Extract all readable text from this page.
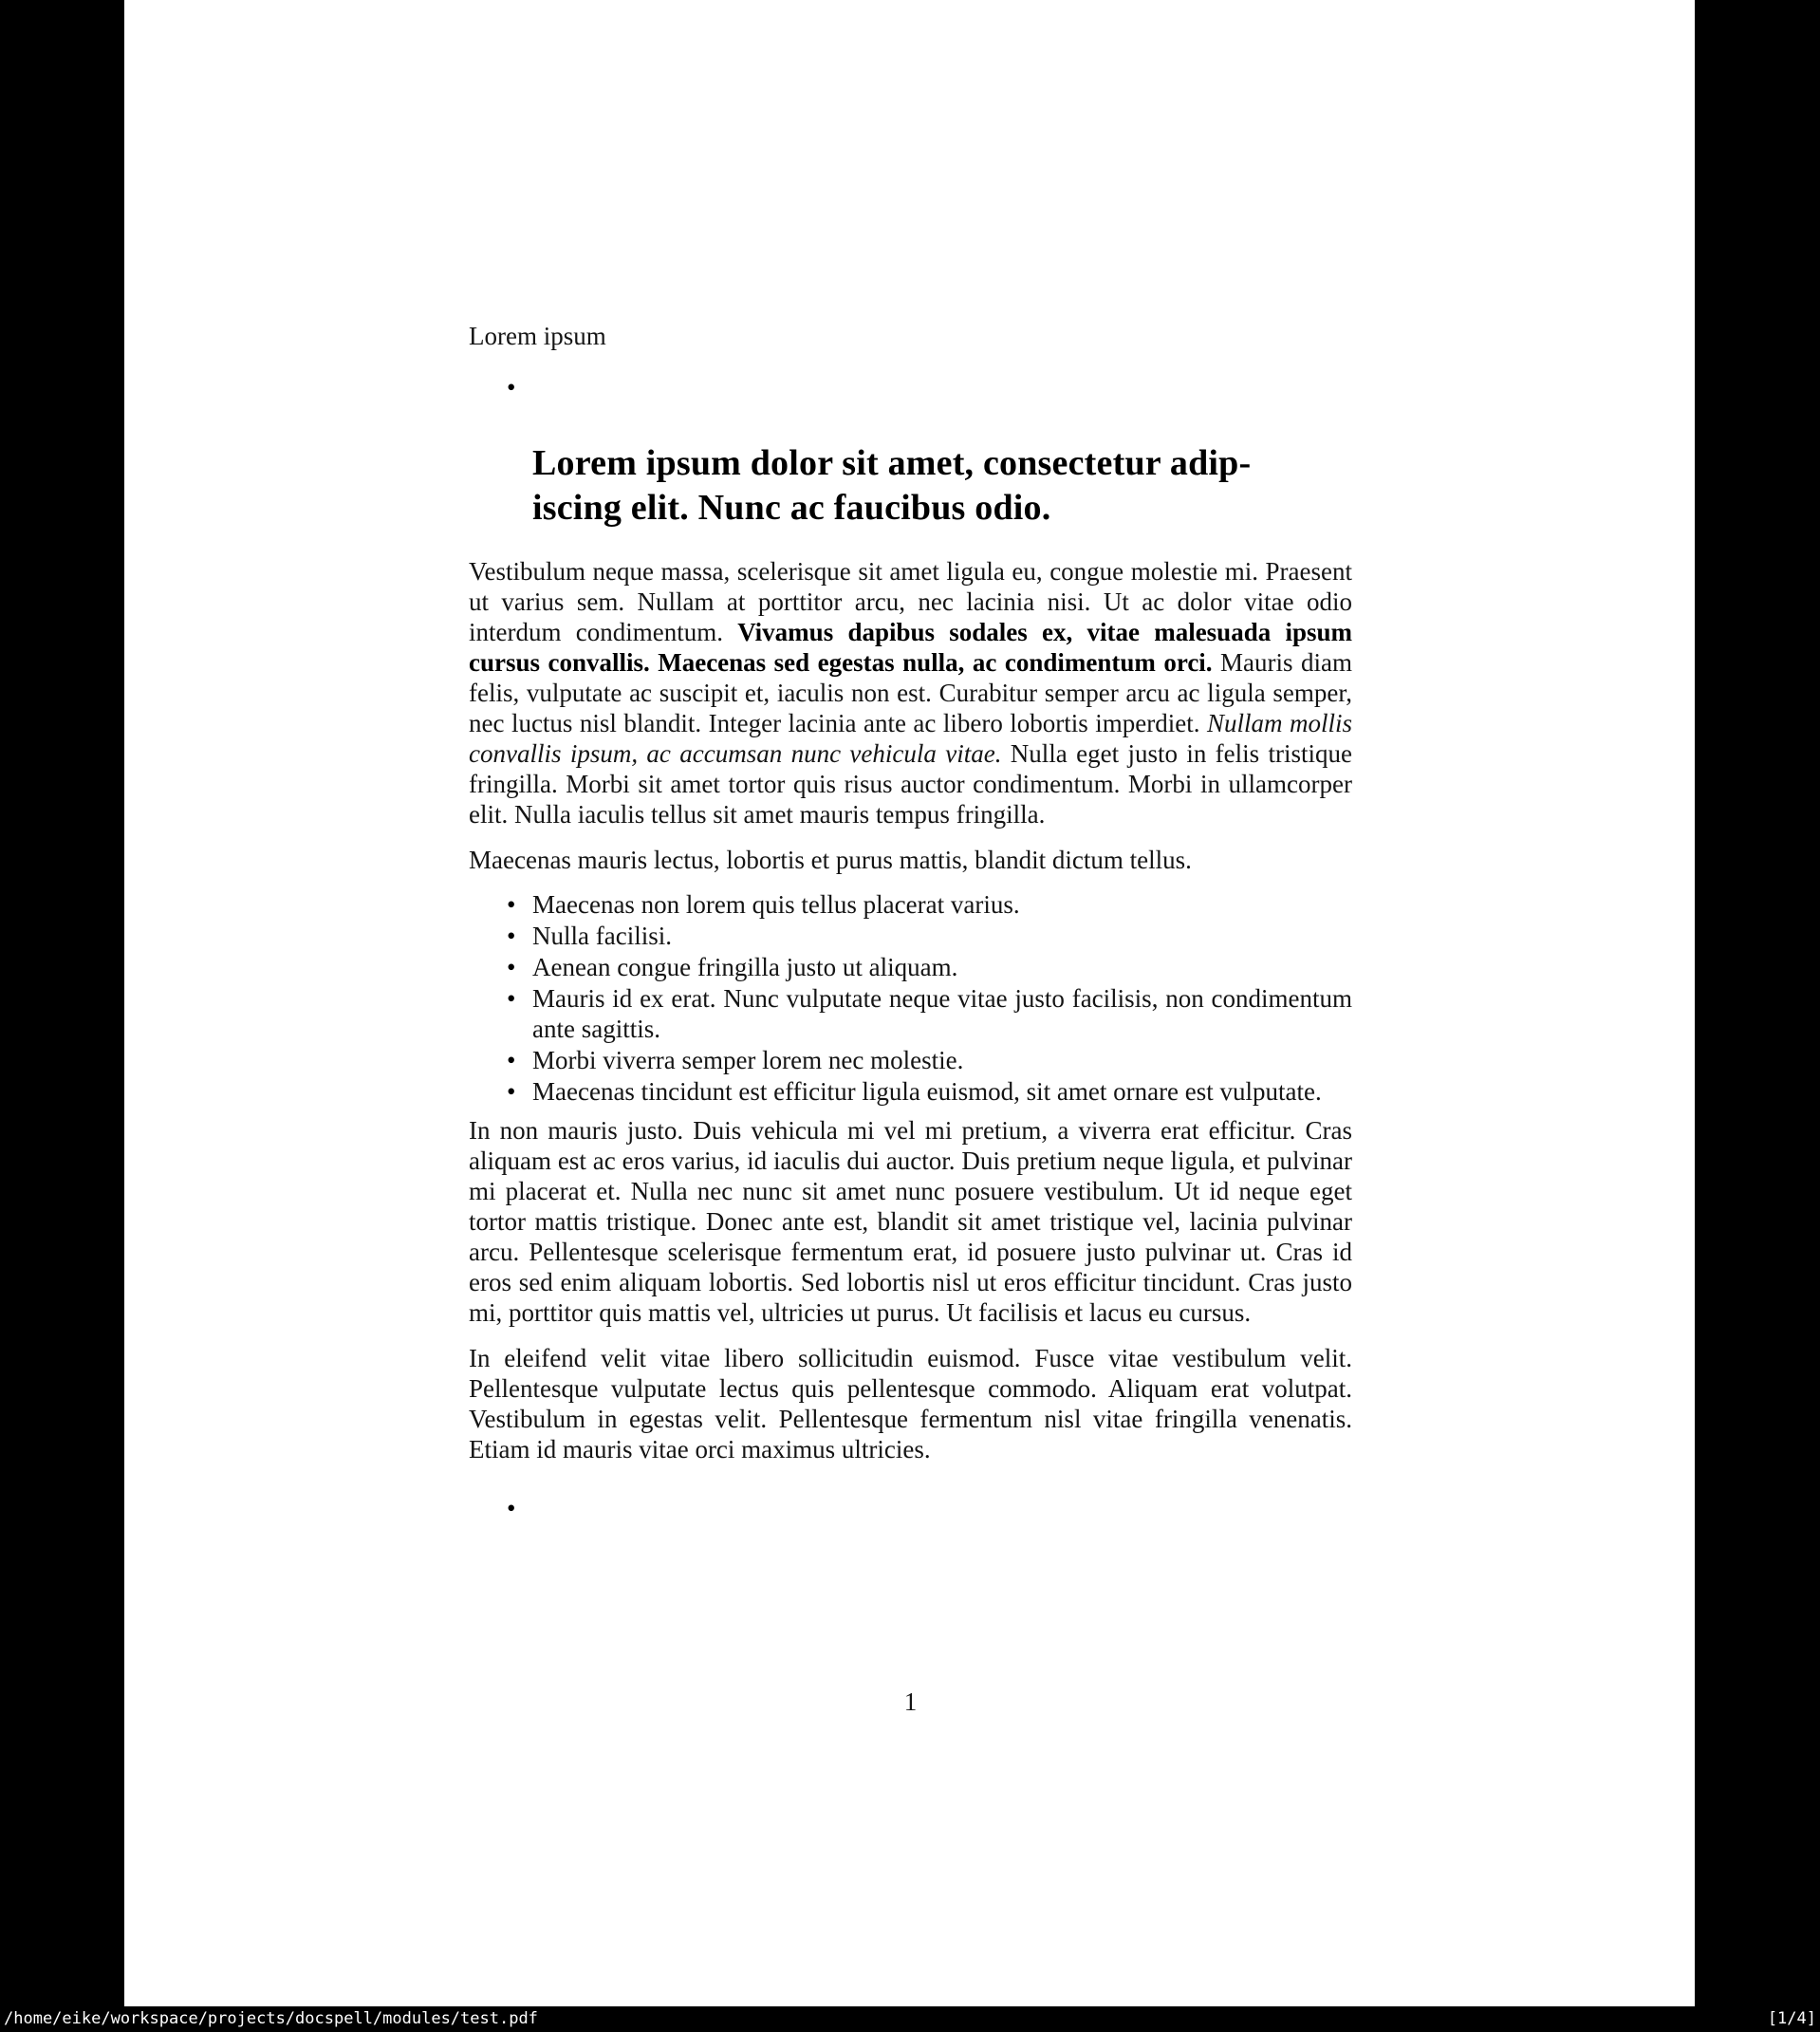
Lorem ipsum

•
Lorem ipsum dolor sit amet, consectetur adip-
iscing elit. Nunc ac faucibus odio.

Vestibulum neque massa, scelerisque sit amet ligula eu, congue molestie mi. Praesent ut varius sem. Nullam at porttitor arcu, nec lacinia nisi. Ut ac dolor vitae odio interdum condimentum. Vivamus dapibus sodales ex, vitae malesuada ipsum cursus convallis. Maecenas sed egestas nulla, ac condimentum orci. Mauris diam felis, vulputate ac suscipit et, iaculis non est. Curabitur semper arcu ac ligula semper, nec luctus nisl blandit. Integer lacinia ante ac libero lobortis imperdiet. Nullam mollis convallis ipsum, ac accumsan nunc vehicula vitae. Nulla eget justo in felis tristique fringilla. Morbi sit amet tortor quis risus auctor condimentum. Morbi in ullamcorper elit. Nulla iaculis tellus sit amet mauris tempus fringilla.

Maecenas mauris lectus, lobortis et purus mattis, blandit dictum tellus.

• Maecenas non lorem quis tellus placerat varius.
• Nulla facilisi.
• Aenean congue fringilla justo ut aliquam.
• Mauris id ex erat. Nunc vulputate neque vitae justo facilisis, non condimentum ante sagittis.
• Morbi viverra semper lorem nec molestie.
• Maecenas tincidunt est efficitur ligula euismod, sit amet ornare est vulputate.

In non mauris justo. Duis vehicula mi vel mi pretium, a viverra erat efficitur. Cras aliquam est ac eros varius, id iaculis dui auctor. Duis pretium neque ligula, et pulvinar mi placerat et. Nulla nec nunc sit amet nunc posuere vestibulum. Ut id neque eget tortor mattis tristique. Donec ante est, blandit sit amet tristique vel, lacinia pulvinar arcu. Pellentesque scelerisque fermentum erat, id posuere justo pulvinar ut. Cras id eros sed enim aliquam lobortis. Sed lobortis nisl ut eros efficitur tincidunt. Cras justo mi, porttitor quis mattis vel, ultricies ut purus. Ut facilisis et lacus eu cursus.

In eleifend velit vitae libero sollicitudin euismod. Fusce vitae vestibulum velit. Pellentesque vulputate lectus quis pellentesque commodo. Aliquam erat volutpat. Vestibulum in egestas velit. Pellentesque fermentum nisl vitae fringilla venenatis. Etiam id mauris vitae orci maximus ultricies.

•

1

/home/eike/workspace/projects/docspell/modules/test.pdf	[1/4]
